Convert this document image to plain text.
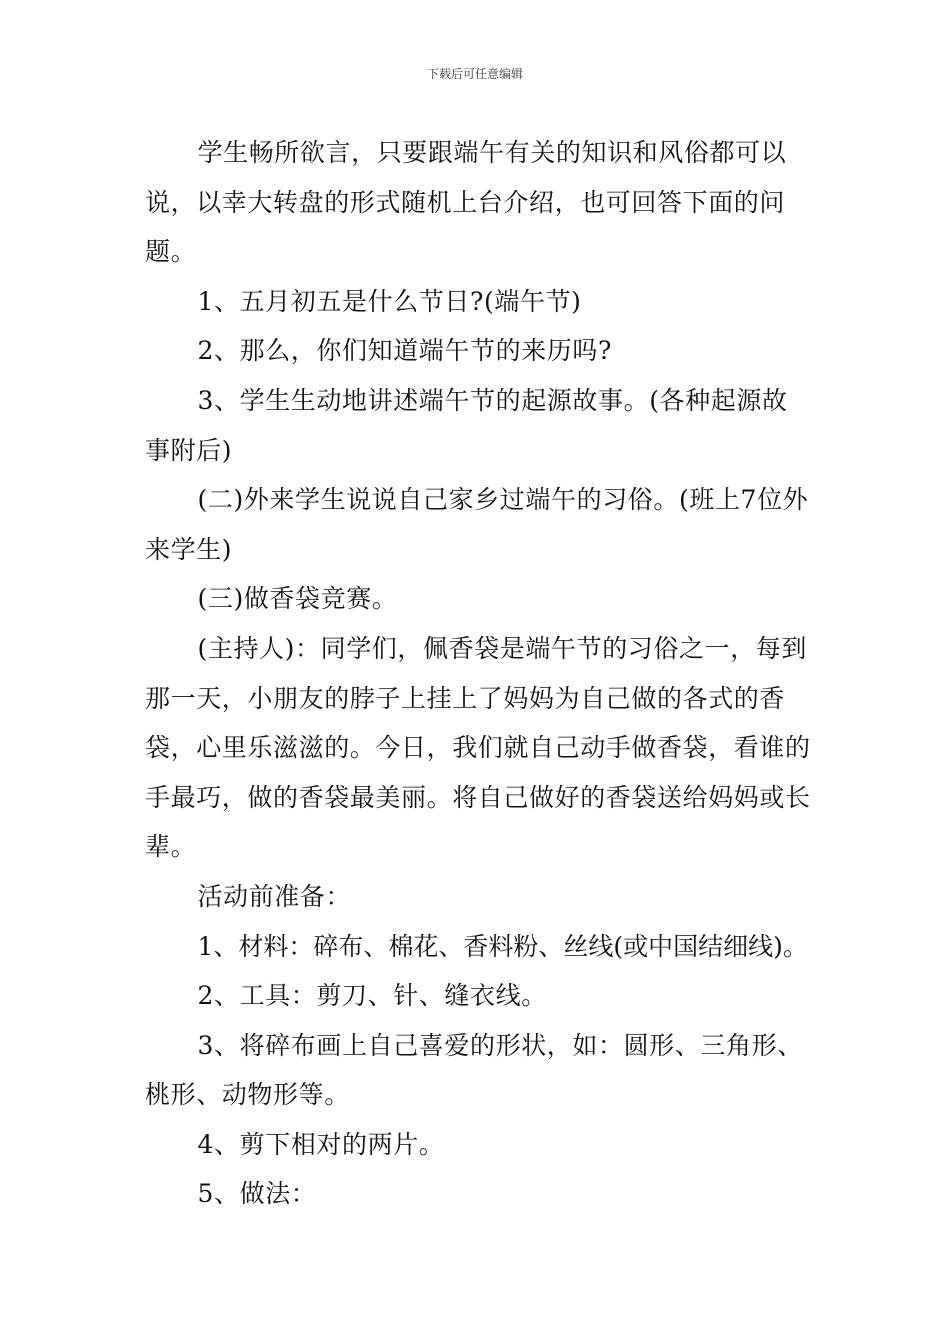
下载后可任意编辑

学生畅所欲言，只要跟端午有关的知识和风俗都可以说，以幸大转盘的形式随机上台介绍，也可回答下面的问题。

1、五月初五是什么节日?(端午节)

2、那么，你们知道端午节的来历吗?

3、学生生动地讲述端午节的起源故事。(各种起源故事附后)

(二)外来学生说说自己家乡过端午的习俗。(班上7位外来学生)

(三)做香袋竞赛。

(主持人)：同学们，佩香袋是端午节的习俗之一，每到那一天，小朋友的脖子上挂上了妈妈为自己做的各式的香袋，心里乐滋滋的。今日，我们就自己动手做香袋，看谁的手最巧，做的香袋最美丽。将自己做好的香袋送给妈妈或长辈。

活动前准备：

1、材料：碎布、棉花、香料粉、丝线(或中国结细线)。

2、工具：剪刀、针、缝衣线。

3、将碎布画上自己喜爱的形状，如：圆形、三角形、桃形、动物形等。

4、剪下相对的两片。

5、做法：
